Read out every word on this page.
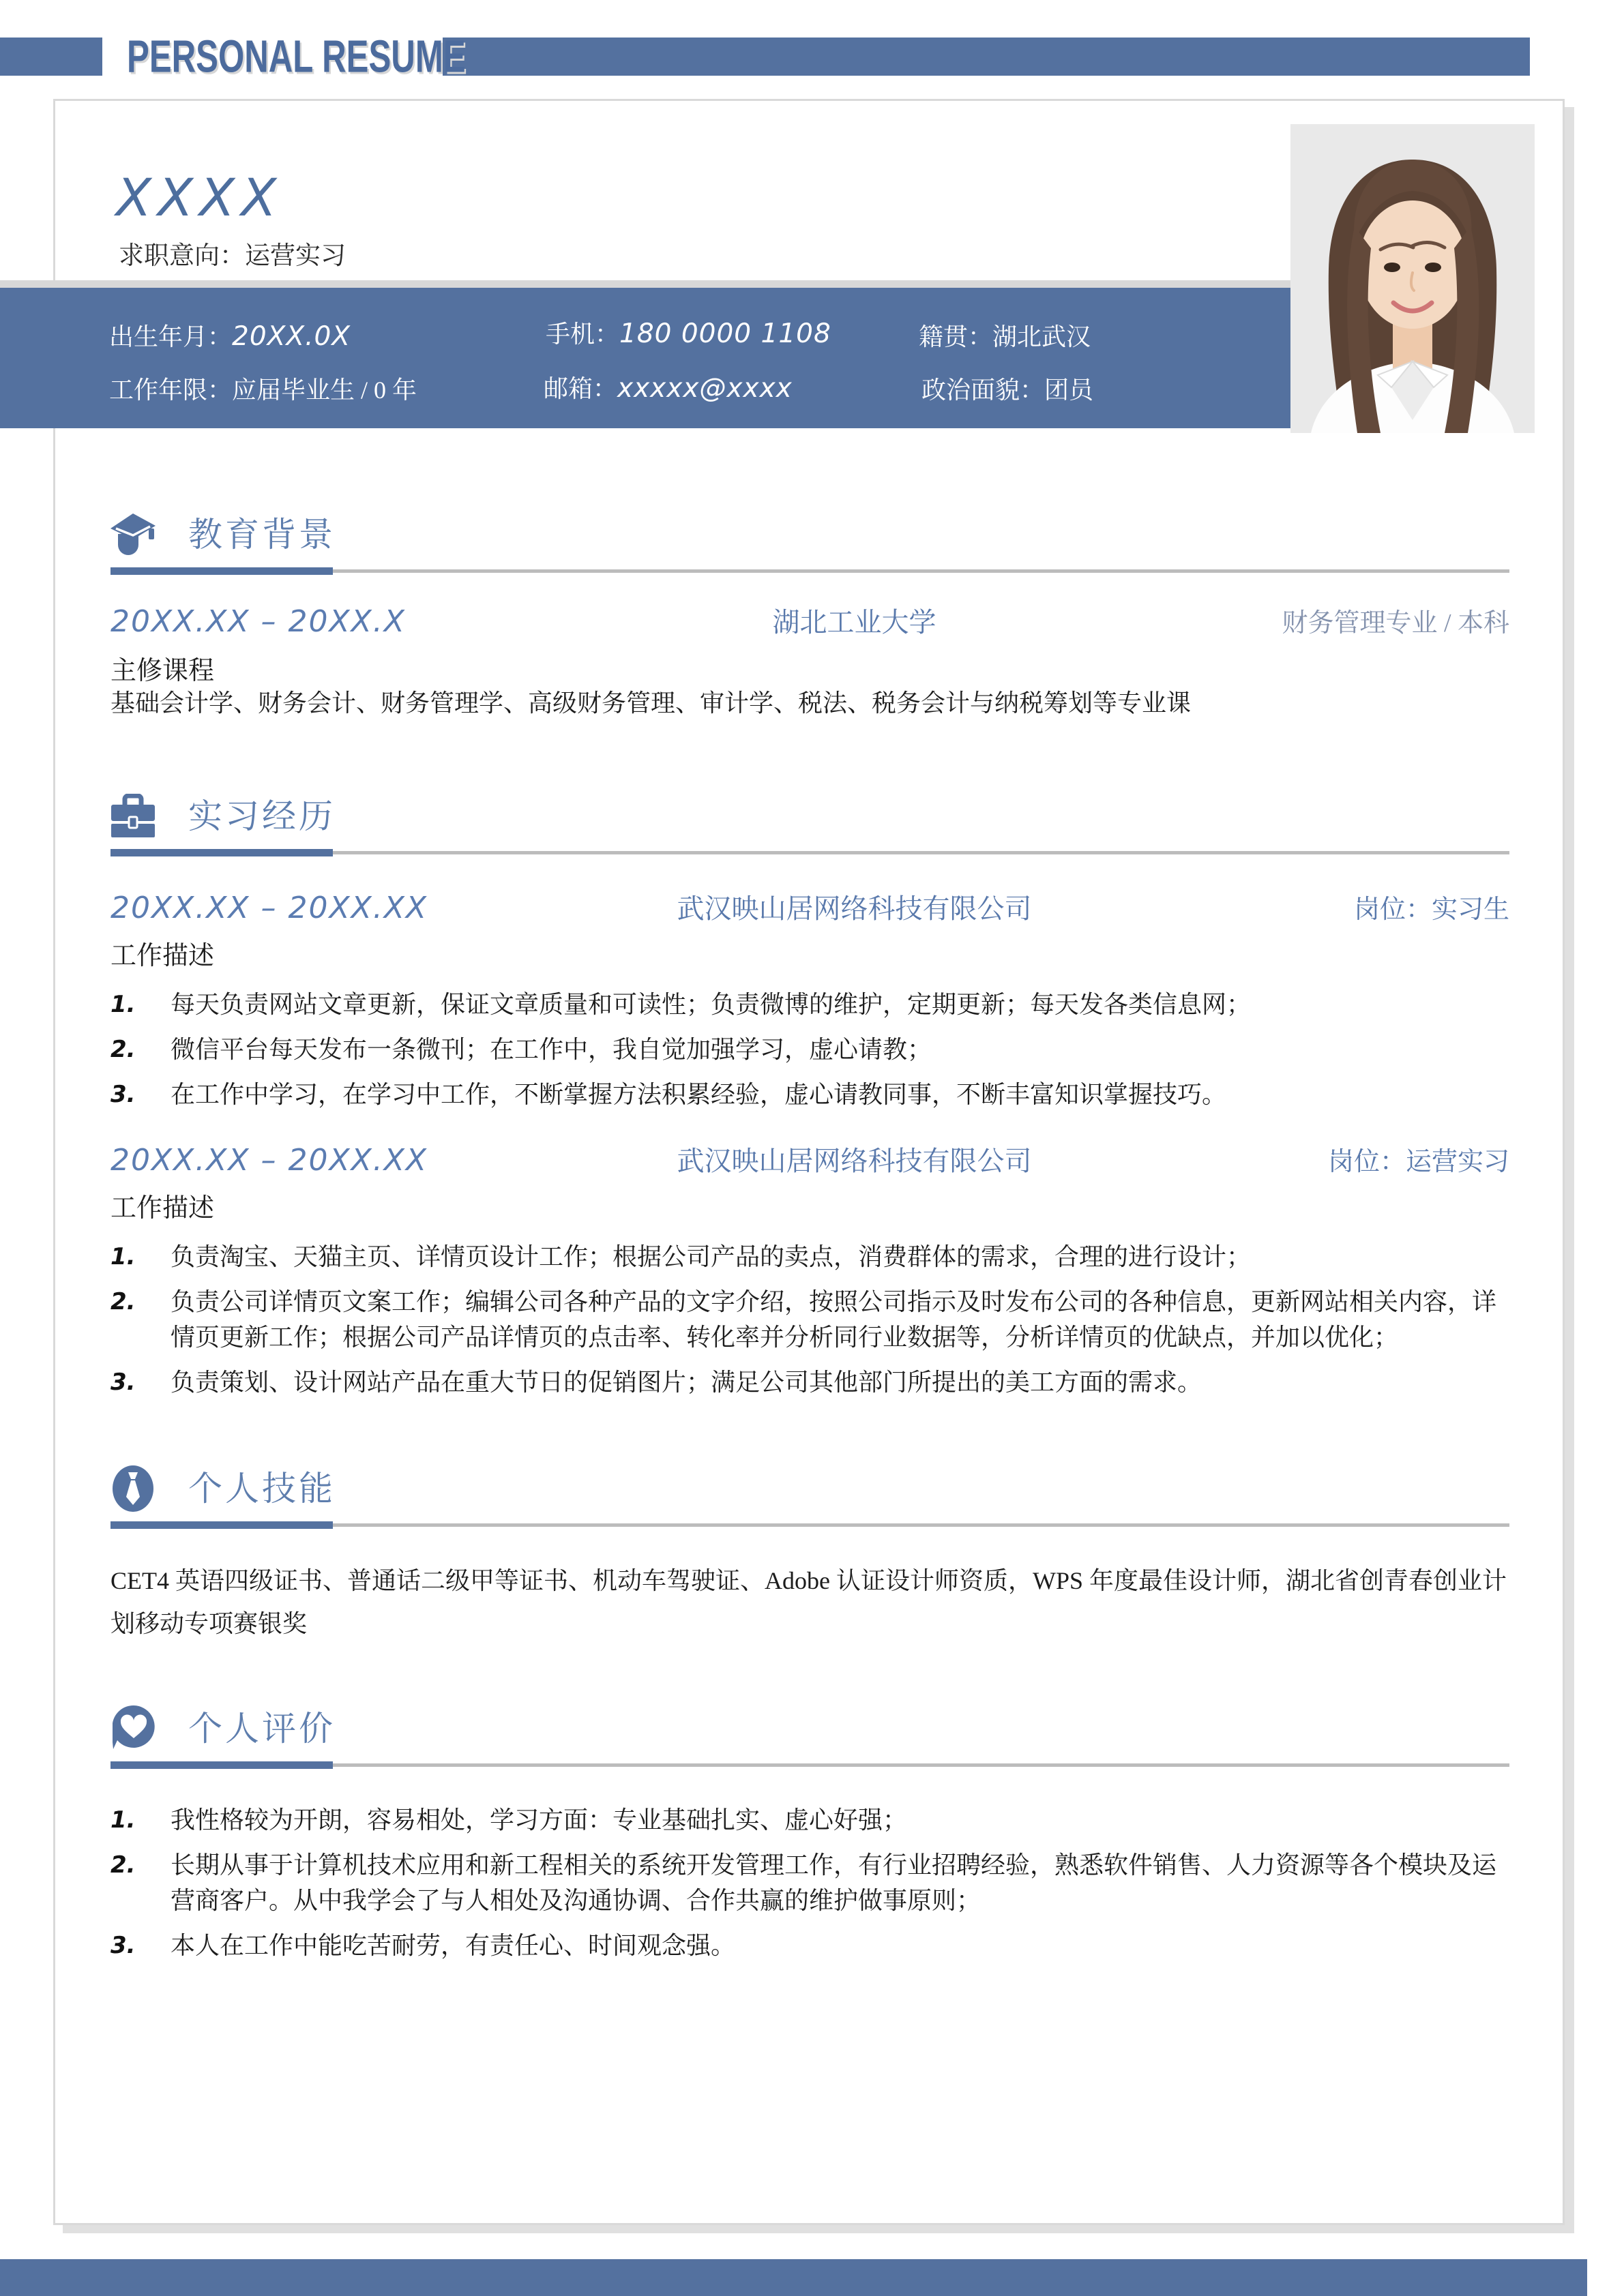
PERSONAL RESUME
XXXX
求职意向：运营实习
出生年月：20XX.0X	手机：180 0000 1108	籍贯：湖北武汉
工作年限：应届毕业生 / 0 年	邮箱：xxxxx@xxxx	政治面貌：团员
教育背景
20XX.XX – 20XX.X	湖北工业大学	财务管理专业 / 本科
主修课程
基础会计学、财务会计、财务管理学、高级财务管理、审计学、税法、税务会计与纳税筹划等专业课
实习经历
20XX.XX – 20XX.XX	武汉映山居网络科技有限公司	岗位：实习生
工作描述
1.	每天负责网站文章更新，保证文章质量和可读性；负责微博的维护，定期更新；每天发各类信息网；
2.	微信平台每天发布一条微刊；在工作中，我自觉加强学习，虚心请教；
3.	在工作中学习，在学习中工作，不断掌握方法积累经验，虚心请教同事，不断丰富知识掌握技巧。
20XX.XX – 20XX.XX	武汉映山居网络科技有限公司	岗位：运营实习
工作描述
1.	负责淘宝、天猫主页、详情页设计工作；根据公司产品的卖点，消费群体的需求，合理的进行设计；
2.	负责公司详情页文案工作；编辑公司各种产品的文字介绍，按照公司指示及时发布公司的各种信息，更新网站相关内容，详情页更新工作；根据公司产品详情页的点击率、转化率并分析同行业数据等，分析详情页的优缺点，并加以优化；
3.	负责策划、设计网站产品在重大节日的促销图片；满足公司其他部门所提出的美工方面的需求。
个人技能

CET4 英语四级证书、普通话二级甲等证书、机动车驾驶证、Adobe 认证设计师资质，WPS 年度最佳设计师，湖北省创青春创业计划移动专项赛银奖

个人评价
1.	我性格较为开朗，容易相处，学习方面：专业基础扎实、虚心好强；
2.	长期从事于计算机技术应用和新工程相关的系统开发管理工作，有行业招聘经验，熟悉软件销售、人力资源等各个模块及运营商客户。从中我学会了与人相处及沟通协调、合作共赢的维护做事原则；
3.	本人在工作中能吃苦耐劳，有责任心、时间观念强。
